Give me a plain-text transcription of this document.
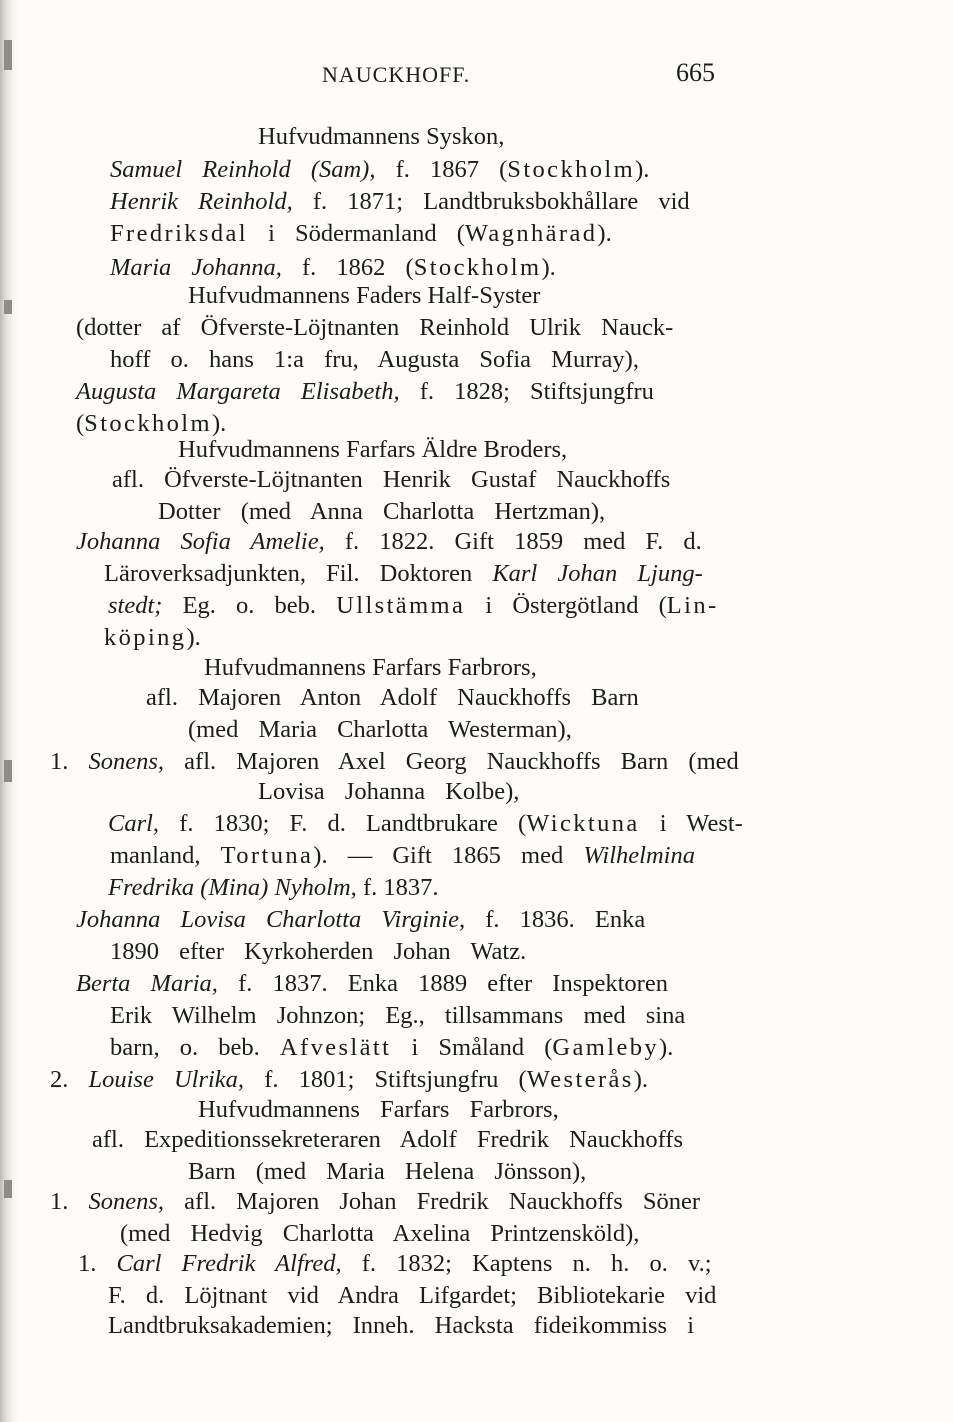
NAUCKHOFF.	665
Hufvudmannens Syskon,
Samuel Reinhold (Sam), f. 1867 (Stockholm).
Henrik Reinhold, f. 1871; Landtbruksbokhållare vid
Fredriksdal i Södermanland (Wagnhärad).
Maria Johanna, f. 1862 (Stockholm).
Hufvudmannens Faders Half-Syster
(dotter af Öfverste-Löjtnanten Reinhold Ulrik Nauck-
hoff o. hans 1:a fru, Augusta Sofia Murray),
Augusta Margareta Elisabeth, f. 1828; Stiftsjungfru
(Stockholm).
Hufvudmannens Farfars Äldre Broders,
afl. Öfverste-Löjtnanten Henrik Gustaf Nauckhoffs
Dotter (med Anna Charlotta Hertzman),
Johanna Sofia Amelie, f. 1822. Gift 1859 med F. d.
Läroverksadjunkten, Fil. Doktoren Karl Johan Ljung-
stedt; Eg. o. beb. Ullstämma i Östergötland (Lin-
köping).
Hufvudmannens Farfars Farbrors,
afl. Majoren Anton Adolf Nauckhoffs Barn
(med Maria Charlotta Westerman),
1. Sonens, afl. Majoren Axel Georg Nauckhoffs Barn (med
Lovisa Johanna Kolbe),
Carl, f. 1830; F. d. Landtbrukare (Wicktuna i West-
manland, Tortuna). — Gift 1865 med Wilhelmina
Fredrika (Mina) Nyholm, f. 1837.
Johanna Lovisa Charlotta Virginie, f. 1836. Enka
1890 efter Kyrkoherden Johan Watz.
Berta Maria, f. 1837. Enka 1889 efter Inspektoren
Erik Wilhelm Johnzon; Eg., tillsammans med sina
barn, o. beb. Afveslätt i Småland (Gamleby).
2. Louise Ulrika, f. 1801; Stiftsjungfru (Westerås).
Hufvudmannens Farfars Farbrors,
afl. Expeditionssekreteraren Adolf Fredrik Nauckhoffs
Barn (med Maria Helena Jönsson),
1. Sonens, afl. Majoren Johan Fredrik Nauckhoffs Söner
(med Hedvig Charlotta Axelina Printzensköld),
1. Carl Fredrik Alfred, f. 1832; Kaptens n. h. o. v.;
F. d. Löjtnant vid Andra Lifgardet; Bibliotekarie vid
Landtbruksakademien; Inneh. Hacksta fideikommiss i
